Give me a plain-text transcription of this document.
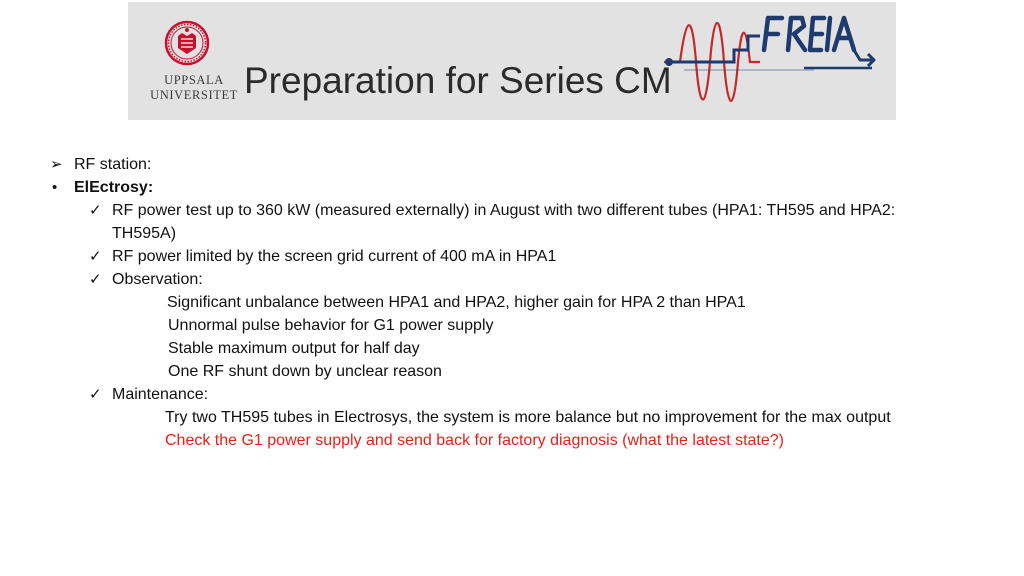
UPPSALA
UNIVERSITET Preparation for Series CM
➢ RF station:
• ElEctrosy:
✓ RF power test up to 360 kW (measured externally) in August with two different tubes (HPA1: TH595 and HPA2:
TH595A)
✓ RF power limited by the screen grid current of 400 mA in HPA1
✓ Observation:
Significant unbalance between HPA1 and HPA2, higher gain for HPA 2 than HPA1
Unnormal pulse behavior for G1 power supply
Stable maximum output for half day
One RF shunt down by unclear reason
✓ Maintenance:
Try two TH595 tubes in Electrosys, the system is more balance but no improvement for the max output
Check the G1 power supply and send back for factory diagnosis (what the latest state?)
